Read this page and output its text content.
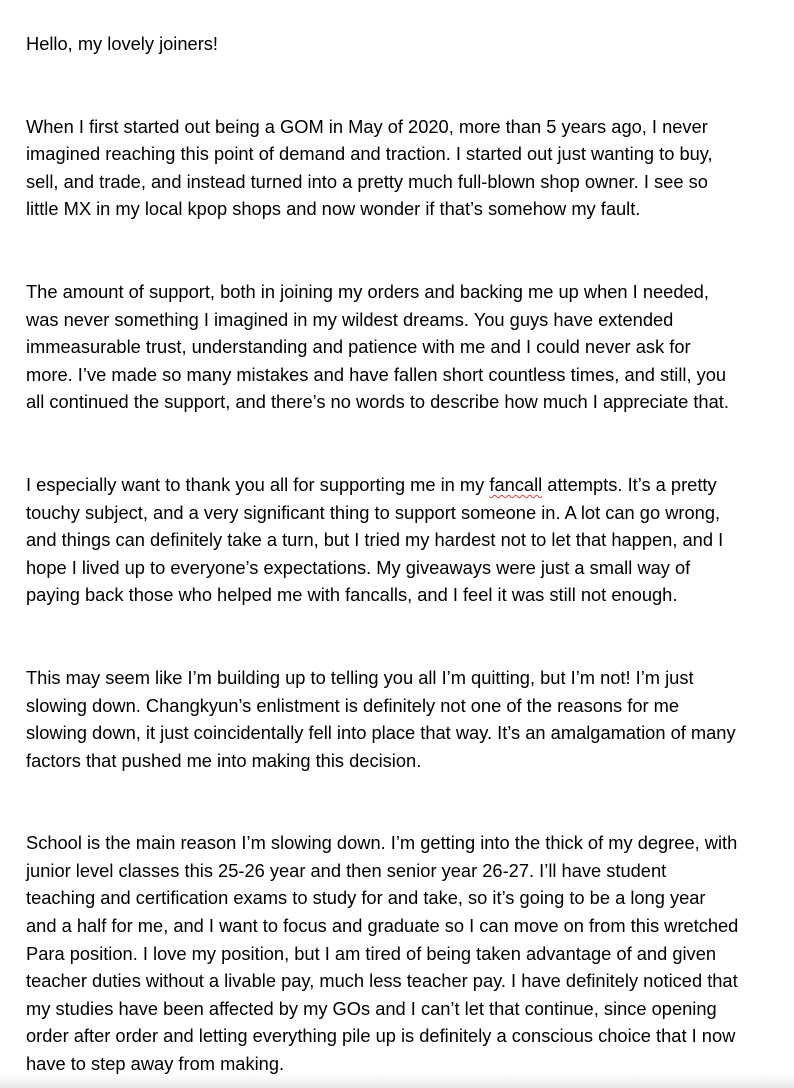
Hello, my lovely joiners!

When I first started out being a GOM in May of 2020, more than 5 years ago, I never
imagined reaching this point of demand and traction. I started out just wanting to buy,
sell, and trade, and instead turned into a pretty much full-blown shop owner. I see so
little MX in my local kpop shops and now wonder if that’s somehow my fault.

The amount of support, both in joining my orders and backing me up when I needed,
was never something I imagined in my wildest dreams. You guys have extended
immeasurable trust, understanding and patience with me and I could never ask for
more. I’ve made so many mistakes and have fallen short countless times, and still, you
all continued the support, and there’s no words to describe how much I appreciate that.

I especially want to thank you all for supporting me in my fancall attempts. It’s a pretty
touchy subject, and a very significant thing to support someone in. A lot can go wrong,
and things can definitely take a turn, but I tried my hardest not to let that happen, and I
hope I lived up to everyone’s expectations. My giveaways were just a small way of
paying back those who helped me with fancalls, and I feel it was still not enough.

This may seem like I’m building up to telling you all I’m quitting, but I’m not! I’m just
slowing down. Changkyun’s enlistment is definitely not one of the reasons for me
slowing down, it just coincidentally fell into place that way. It’s an amalgamation of many
factors that pushed me into making this decision.

School is the main reason I’m slowing down. I’m getting into the thick of my degree, with
junior level classes this 25-26 year and then senior year 26-27. I’ll have student
teaching and certification exams to study for and take, so it’s going to be a long year
and a half for me, and I want to focus and graduate so I can move on from this wretched
Para position. I love my position, but I am tired of being taken advantage of and given
teacher duties without a livable pay, much less teacher pay. I have definitely noticed that
my studies have been affected by my GOs and I can’t let that continue, since opening
order after order and letting everything pile up is definitely a conscious choice that I now
have to step away from making.
